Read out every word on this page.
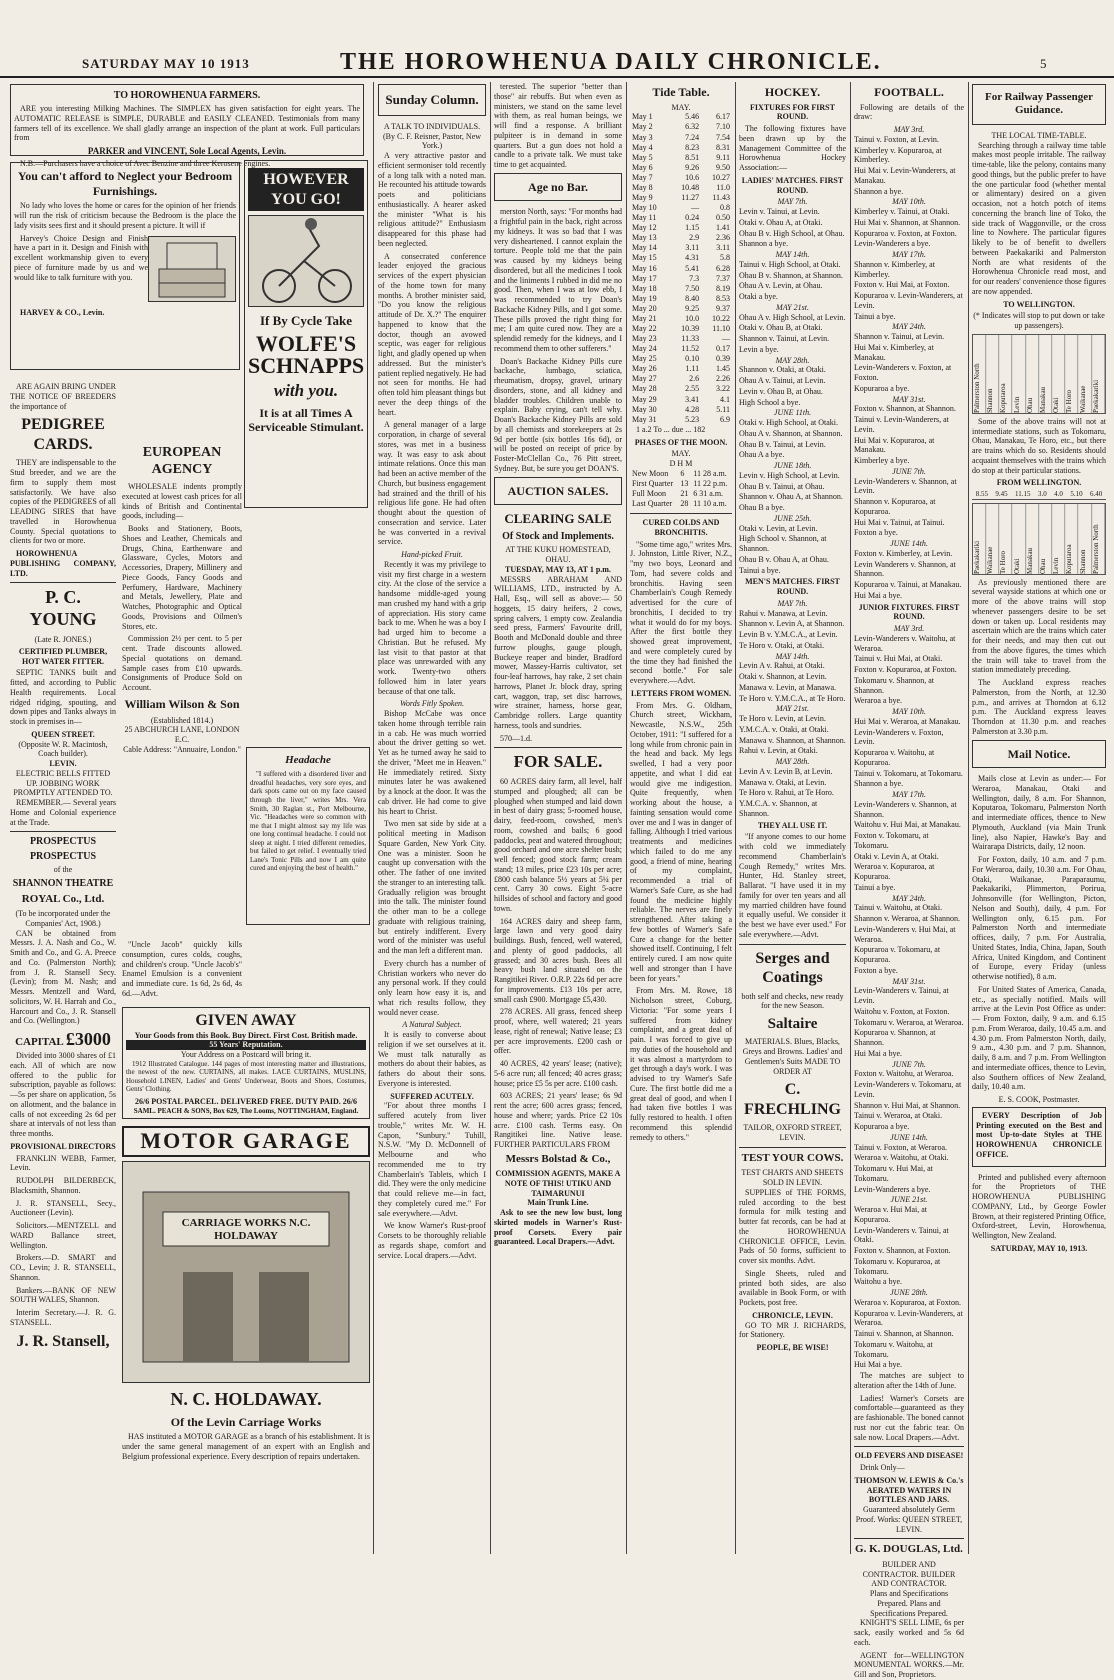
SATURDAY MAY 10 1913	THE HOROWHENUA DAILY CHRONICLE.	5
TO HOROWHENUA FARMERS.
ARE you interesting Milking Machines. The SIMPLEX has given satisfaction for eight years. The AUTOMATIC RELEASE is SIMPLE, DURABLE and EASILY CLEANED. Testimonials from many farmers tell of its excellence. We shall gladly arrange an inspection of the plant at work. Full particulars from
PARKER and VINCENT, Sole Local Agents, Levin.
N.B.—Purchasers have a choice of Avec Benzine and three Kerosene engines.
You can't afford to Neglect your Bedroom Furnishings.
No lady who loves the home or cares for the opinion of her friends will run the risk of criticism because the Bedroom is the place the lady visits sees first and it should present a picture. It will if
Harvey's Choice Design and Finish have a part in it. Design and Finish with excellent workmanship given to every piece of furniture made by us and we would like to talk furniture with you.
HARVEY & CO., Levin.
ARE AGAIN BRING UNDER THE NOTICE OF BREEDERS the importance of
PEDIGREE CARDS.
THEY are indispensable to the Stud breeder, and we are the firm to supply them most satisfactorily. We have also copies of the PEDIGREES of all LEADING SIRES that have travelled in Horowhenua County. Special quotations to clients for two or more.
HOROWHENUA PUBLISHING COMPANY, LTD.
P. C. YOUNG
(Late R. JONES.)
CERTIFIED PLUMBER, HOT WATER FITTER.
SEPTIC TANKS built and fitted, and according to Public Health requirements. Local ridged ridging, spouting, and down pipes and Tanks always in stock in premises in—
QUEEN STREET.
(Opposite W. R. Macintosh, Coach builder).
LEVIN.
ELECTRIC BELLS FITTED UP. JOBBING WORK PROMPTLY ATTENDED TO.
REMEMBER.— Several years Home and Colonial experience at the Trade.
PROSPECTUS
PROSPECTUS
of the
SHANNON THEATRE
ROYAL Co., Ltd.
(To be incorporated under the Companies' Act, 1908.)
CAN be obtained from Messrs. J. A. Nash and Co., W. Smith and Co., and G. A. Preece and Co. (Palmerston North); from J. R. Stansell Secy. (Levin); from M. Nash; and Messrs. Mentzell and Ward, solicitors, W. H. Harrah and Co., Harcourt and Co., J. R. Stansell and Co. (Wellington.)
CAPITAL £3000
Divided into 3000 shares of £1 each. All of which are now offered to the public for subscription, payable as follows:—5s per share on application, 5s on allotment, and the balance in calls of not exceeding 2s 6d per share at intervals of not less than three months.
PROVISIONAL DIRECTORS
FRANKLIN WEBB, Farmer, Levin.
RUDOLPH BILDERBECK, Blacksmith, Shannon.
J. R. STANSELL, Secy., Auctioneer (Levin).
Solicitors.—MENTZELL and WARD Ballance street, Wellington.
Brokers.—D. SMART and CO., Levin; J. R. STANSELL, Shannon.
Bankers.—BANK OF NEW SOUTH WALES, Shannon.
Interim Secretary.—J. R. G. STANSELL.
J. R. Stansell,
HOWEVER YOU GO!
If By Cycle Take
WOLFE'S SCHNAPPS
with you.
It is at all Times A Serviceable Stimulant.
EUROPEAN AGENCY
WHOLESALE indents promptly executed at lowest cash prices for all kinds of British and Continental goods, including—
Books and Stationery, Boots, Shoes and Leather, Chemicals and Drugs, China, Earthenware and Glassware, Cycles, Motors and Accessories, Drapery, Millinery and Piece Goods, Fancy Goods and Perfumery, Hardware, Machinery and Metals, Jewellery, Plate and Watches, Photographic and Optical Goods, Provisions and Oilmen's Stores, etc.
Commission 2½ per cent. to 5 per cent. Trade discounts allowed. Special quotations on demand. Sample cases from £10 upwards. Consignments of Produce Sold on Account.
William Wilson & Son
(Established 1814.)
25 ABCHURCH LANE, LONDON E.C.
Cable Address: "Annuaire, London."
Headache
"I suffered with a disordered liver and dreadful headaches, very sore eyes, and dark spots came out on my face caused through the liver," writes Mrs. Vera Smith, 30 Raglan st., Port Melbourne, Vic. "Headaches were so common with me that I might almost say my life was one long continual headache. I could not sleep at night. I tried different remedies, but failed to get relief. I eventually tried Lane's Tonic Pills and now I am quite cured and enjoying the best of health."
"Uncle Jacob" quickly kills consumption, cures colds, coughs, and children's croup. "Uncle Jacob's" Enamel Emulsion is a convenient and immediate cure. 1s 6d, 2s 6d, 4s 6d.—Advt.
GIVEN AWAY
Your Goods from this Book. Buy Direct. First Cost. British made.
55 Years' Reputation.
Your Address on a Postcard will bring it.
1912 Illustrated Catalogue. 144 pages of most interesting matter and illustrations, the newest of the new. CURTAINS, all makes. LACE CURTAINS, MUSLINS, Household LINEN, Ladies' and Gents' Underwear, Boots and Shoes, Costumes, Gents' Clothing.
26/6 POSTAL PARCEL. DELIVERED FREE. DUTY PAID. 26/6
SAML. PEACH & SONS, Box 629, The Looms, NOTTINGHAM, England.
MOTOR GARAGE
CARRIAGE WORKS N.C. HOLDAWAY
N. C. HOLDAWAY.
Of the Levin Carriage Works
HAS instituted a MOTOR GARAGE as a branch of his establishment. It is under the same general management of an expert with an English and Belgium professional experience. Every description of repairs undertaken.
Sunday Column.
A TALK TO INDIVIDUALS.
(By C. F. Reisner, Pastor, New York.)
A very attractive pastor and efficient sermoniser told recently of a long talk with a noted man. He recounted his attitude towards poets and politicians enthusiastically. A hearer asked the minister "What is his religious attitude?" Enthusiasm disappeared for this phase had been neglected.
A consecrated conference leader enjoyed the gracious services of the expert physician of the home town for many months. A brother minister said, "Do you know the religious attitude of Dr. X.?" The enquirer happened to know that the doctor, though an avowed sceptic, was eager for religious light, and gladly opened up when addressed. But the minister's patient replied negatively. He had not seen for months. He had often told him pleasant things but never the deep things of the heart.
A general manager of a large corporation, in charge of several stores, was met in a business way. It was easy to ask about intimate relations. Once this man had been an active member of the Church, but business engagement had strained and the thrill of his religious life gone. He had often thought about the question of consecration and service. Later he was converted in a revival service.
Hand-picked Fruit.
Recently it was my privilege to visit my first charge in a western city. At the close of the service a handsome middle-aged young man crushed my hand with a grip of appreciation. His story came back to me. When he was a boy I had urged him to become a Christian. But he refused. My last visit to that pastor at that place was unrewarded with any work. Twenty-two others followed him in later years because of that one talk.
Words Fitly Spoken.
Bishop McCabe was once taken home through terrible rain in a cab. He was much worried about the driver getting so wet. Yet as he turned away he said to the driver, "Meet me in Heaven." He immediately retired. Sixty minutes later he was awakened by a knock at the door. It was the cab driver. He had come to give his heart to Christ.
Two men sat side by side at a political meeting in Madison Square Garden, New York City. One was a minister. Soon he caught up conversation with the other. The father of one invited the stranger to an interesting talk. Gradually religion was brought into the talk. The minister found the other man to be a college graduate with religious training, but entirely indifferent. Every word of the minister was useful and the man left a different man.
Every church has a number of Christian workers who never do any personal work. If they could only learn how easy it is, and what rich results follow, they would never cease.
A Natural Subject.
It is easily to converse about religion if we set ourselves at it. We must talk naturally as mothers do about their babies, as fathers do about their sons. Everyone is interested.
SUFFERED ACUTELY.
"For about three months I suffered acutely from liver trouble," writes Mr. W. H. Capon, "Sunbury." Tuhill, N.S.W. "My D. McDonnell of Melbourne and who recommended me to try Chamberlain's Tablets, which I did. They were the only medicine that could relieve me—in fact, they completely cured me." For sale everywhere.—Advt.
We know Warner's Rust-proof Corsets to be thoroughly reliable as regards shape, comfort and service. Local drapers.—Advt.
terested. The superior "better than those" air rebuffs. But when even as ministers, we stand on the same level with them, as real human beings, we will find a response. A brilliant pulpiteer is in demand in some quarters. But a gun does not hold a candle to a private talk. We must take time to get acquainted.
Age no Bar.
merston North, says: "For months had a frightful pain in the back, right across my kidneys. It was so bad that I was very disheartened. I cannot explain the torture. People told me that the pain was caused by my kidneys being disordered, but all the medicines I took and the liniments I rubbed in did me no good. Then, when I was at low ebb, I was recommended to try Doan's Backache Kidney Pills, and I got some. These pills proved the right thing for me; I am quite cured now. They are a splendid remedy for the kidneys, and I recommend them to other sufferers."
Doan's Backache Kidney Pills cure backache, lumbago, sciatica, rheumatism, dropsy, gravel, urinary disorders, stone, and all kidney and bladder troubles. Children unable to explain. Baby crying, can't tell why. Doan's Backache Kidney Pills are sold by all chemists and storekeepers at 2s 9d per bottle (six bottles 16s 6d), or will be posted on receipt of price by Foster-McClellan Co., 76 Pitt street, Sydney. But, be sure you get DOAN'S.
AUCTION SALES.
CLEARING SALE
Of Stock and Implements.
AT THE KUKU HOMESTEAD, OHAU.
TUESDAY, MAY 13, AT 1 p.m.
MESSRS ABRAHAM AND WILLIAMS, LTD., instructed by A. Hall, Esq., will sell as above:— 50 hoggets, 15 dairy heifers, 2 cows, spring calvers, 1 empty cow. Zealandia seed press, Farmers' Favourite drill, Booth and McDonald double and three furrow ploughs, gauge plough, Buckeye reaper and binder, Bradford mower, Massey-Harris cultivator, set four-leaf harrows, hay rake, 2 set chain harrows, Planet Jr. block dray, spring cart, waggon, trap, set disc harrows, wire strainer, harness, horse gear, Cambridge rollers. Large quantity harness, tools and sundries.
570—1.d.
FOR SALE.
60 ACRES dairy farm, all level, half stumped and ploughed; all can be ploughed when stumped and laid down in best of dairy grass; 5-roomed house, dairy, feed-room, cowshed, men's room, cowshed and bails; 6 good paddocks, peat and watered throughout; good orchard and one acre shelter bush; well fenced; good stock farm; cream stand; 13 miles, price £23 10s per acre; £800 cash balance 5½ years at 5¼ per cent. Carry 30 cows. Eight 5-acre hillsides of school and factory and good town.
164 ACRES dairy and sheep farm, large lawn and very good dairy buildings. Bush, fenced, well watered, and plenty of good paddocks, all grassed; and 30 acres bush. Bees all heavy bush land situated on the Rangitikei River. O.R.P. 22s 6d per acre for improvements. £13 10s per acre, small cash £900. Mortgage £5,430.
278 ACRES. All grass, fenced sheep proof, where, well watered; 21 years lease, right of renewal; Native lease; £3 per acre improvements. £200 cash or offer.
40 ACRES, 42 years' lease; (native); 5-6 acre run; all fenced; 40 acres grass; house; price £5 5s per acre. £100 cash.
603 ACRES; 21 years' lease; 6s 9d rent the acre; 600 acres grass; fenced, house and where; yards. Price £2 10s acre. £100 cash. Terms easy. On Rangitikei line. Native lease. FURTHER PARTICULARS FROM
Messrs Bolstad & Co.,
COMMISSION AGENTS, MAKE A NOTE OF THIS! UTIKU AND TAIMARUNUI
Main Trunk Line.
Ask to see the new low bust, long skirted models in Warner's Rust-proof Corsets. Every pair guaranteed. Local Drapers.—Advt.
Tide Table.
MAY.
May 1	5.46	6.17
May 2	6.32	7.10
May 3	7.24	7.54
May 4	8.23	8.31
May 5	8.51	9.11
May 6	9.26	9.50
May 7	10.6	10.27
May 8	10.48	11.0
May 9	11.27	11.43
May 10	—	0.8
May 11	0.24	0.50
May 12	1.15	1.41
May 13	2.9	2.36
May 14	3.11	3.11
May 15	4.31	5.8
May 16	5.41	6.28
May 17	7.3	7.37
May 18	7.50	8.19
May 19	8.40	8.53
May 20	9.25	9.37
May 21	10.0	10.22
May 22	10.39	11.10
May 23	11.33	—
May 24	11.52	0.17
May 25	0.10	0.39
May 26	1.11	1.45
May 27	2.6	2.26
May 28	2.55	3.22
May 29	3.41	4.1
May 30	4.28	5.11
May 31	5.23	6.9
1 a.2 To ... due ... 182
PHASES OF THE MOON.
MAY.
D H M
New Moon	6	11 28 a.m.
First Quarter	13	11 22 p.m.
Full Moon	21	6 31 a.m.
Last Quarter	28	11 10 a.m.
CURED COLDS AND BRONCHITIS.
"Some time ago," writes Mrs. J. Johnston, Little River, N.Z., "my two boys, Leonard and Tom, had severe colds and bronchitis. Having seen Chamberlain's Cough Remedy advertised for the cure of bronchitis, I decided to try what it would do for my boys. After the first bottle they showed great improvement, and were completely cured by the time they had finished the second bottle." For sale everywhere.—Advt.
LETTERS FROM WOMEN.
From Mrs. G. Oldham, Church street, Wickham, Newcastle, N.S.W., 25th October, 1911: "I suffered for a long while from chronic pain in the head and back. My legs swelled, I had a very poor appetite, and what I did eat would give me indigestion. Quite frequently, when working about the house, a fainting sensation would come over me and I was in danger of falling. Although I tried various treatments and medicines which failed to do me any good, a friend of mine, hearing of my complaint, recommended a trial of Warner's Safe Cure, as she had found the medicine highly reliable. The nerves are finely strengthened. After taking a few bottles of Warner's Safe Cure a change for the better showed itself. Continuing, I felt entirely cured. I am now quite well and stronger than I have been for years."
From Mrs. M. Rowe, 18 Nicholson street, Coburg, Victoria: "For some years I suffered from kidney complaint, and a great deal of pain. I was forced to give up my duties of the household and it was almost a martyrdom to get through a day's work. I was advised to try Warner's Safe Cure. The first bottle did me a great deal of good, and when I had taken five bottles I was fully restored to health. I often recommend this splendid remedy to others."
HOCKEY.
FIXTURES FOR FIRST ROUND.
The following fixtures have been drawn up by the Management Committee of the Horowhenua Hockey Association:—
LADIES' MATCHES. FIRST ROUND.
MAY 7th.
Levin v. Tainui, at Levin.
Otaki v. Ohau A, at Otaki.
Ohau B v. High School, at Ohau.
Shannon a bye.
MAY 14th.
Tainui v. High School, at Otaki.
Ohau B v. Shannon, at Shannon.
Ohau A v. Levin, at Ohau.
Otaki a bye.
MAY 21st.
Ohau A v. High School, at Levin.
Otaki v. Ohau B, at Otaki.
Shannon v. Tainui, at Levin.
Levin a bye.
MAY 28th.
Shannon v. Otaki, at Otaki.
Ohau A v. Tainui, at Levin.
Levin v. Ohau B, at Ohau.
High School a bye.
JUNE 11th.
Otaki v. High School, at Otaki.
Ohau A v. Shannon, at Shannon.
Ohau B v. Tainui, at Levin.
Ohau A a bye.
JUNE 18th.
Levin v. High School, at Levin.
Ohau B v. Tainui, at Ohau.
Shannon v. Ohau A, at Shannon.
Ohau B a bye.
JUNE 25th.
Otaki v. Levin, at Levin.
High School v. Shannon, at Shannon.
Ohau B v. Ohau A, at Ohau.
Tainui a bye.
MEN'S MATCHES. FIRST ROUND.
MAY 7th.
Rahui v. Manawa, at Levin.
Shannon v. Levin A, at Shannon.
Levin B v. Y.M.C.A., at Levin.
Te Horo v. Otaki, at Otaki.
MAY 14th.
Levin A v. Rahui, at Otaki.
Otaki v. Shannon, at Levin.
Manawa v. Levin, at Manawa.
Te Horo v. Y.M.C.A., at Te Horo.
MAY 21st.
Te Horo v. Levin, at Levin.
Y.M.C.A. v. Otaki, at Otaki.
Manawa v. Shannon, at Shannon.
Rahui v. Levin, at Otaki.
MAY 28th.
Levin A v. Levin B, at Levin.
Manawa v. Otaki, at Levin.
Te Horo v. Rahui, at Te Horo.
Y.M.C.A. v. Shannon, at Shannon.
THEY ALL USE IT.
"If anyone comes to our home with cold we immediately recommend Chamberlain's Cough Remedy," writes Mrs. Hunter, Hd. Stanley street, Ballarat. "I have used it in my family for over ten years and all my married children have found it equally useful. We consider it the best we have ever used." For sale everywhere.—Advt.
Serges and Coatings
both self and checks, new ready for the new Season.
Saltaire
MATERIALS. Blues, Blacks, Greys and Browns. Ladies' and Gentlemen's Suits MADE TO ORDER AT
C. FRECHLING
TAILOR, OXFORD STREET, LEVIN.
TEST YOUR COWS.
TEST CHARTS AND SHEETS SOLD IN LEVIN.
SUPPLIES of THE FORMS, ruled according to the best formula for milk testing and butter fat records, can be had at the HOROWHENUA CHRONICLE OFFICE, Levin. Pads of 50 forms, sufficient to cover six months. Advt.
Single Sheets, ruled and printed both sides, are also available in Book Form, or with Pockets, post free.
CHRONICLE, LEVIN.
GO TO MR J. RICHARDS, for Stationery.
PEOPLE, BE WISE!
FOOTBALL.
Following are details of the draw:
MAY 3rd.
Tainui v. Foxton, at Levin.
Kimberley v. Kopuraroa, at Kimberley.
Hui Mai v. Levin-Wanderers, at Manakau.
Shannon a bye.
MAY 10th.
Kimberley v. Tainui, at Otaki.
Hui Mai v. Shannon, at Shannon.
Kopuraroa v. Foxton, at Foxton.
Levin-Wanderers a bye.
MAY 17th.
Shannon v. Kimberley, at Kimberley.
Foxton v. Hui Mai, at Foxton.
Kopuraroa v. Levin-Wanderers, at Levin.
Tainui a bye.
MAY 24th.
Shannon v. Tainui, at Levin.
Hui Mai v. Kimberley, at Manakau.
Levin-Wanderers v. Foxton, at Foxton.
Kopuraroa a bye.
MAY 31st.
Foxton v. Shannon, at Shannon.
Tainui v. Levin-Wanderers, at Levin.
Hui Mai v. Kopuraroa, at Manakau.
Kimberley a bye.
JUNE 7th.
Levin-Wanderers v. Shannon, at Levin.
Shannon v. Kopuraroa, at Kopuraroa.
Hui Mai v. Tainui, at Tainui.
Foxton a bye.
JUNE 14th.
Foxton v. Kimberley, at Levin.
Levin Wanderers v. Shannon, at Shannon.
Kopuraroa v. Tainui, at Manakau.
Hui Mai a bye.
JUNIOR FIXTURES. FIRST ROUND.
MAY 3rd.
Levin-Wanderers v. Waitohu, at Weraroa.
Tainui v. Hui Mai, at Otaki.
Foxton v. Kopuraroa, at Foxton.
Tokomaru v. Shannon, at Shannon.
Weraroa a bye.
MAY 10th.
Hui Mai v. Weraroa, at Manakau.
Levin-Wanderers v. Foxton, Levin.
Kopuraroa v. Waitohu, at Kopuraroa.
Tainui v. Tokomaru, at Tokomaru.
Shannon a bye.
MAY 17th.
Levin-Wanderers v. Shannon, at Shannon.
Waitohu v. Hui Mai, at Manakau.
Foxton v. Tokomaru, at Tokomaru.
Otaki v. Levin A, at Otaki.
Weraroa v. Kopuraroa, at Kopuraroa.
Tainui a bye.
MAY 24th.
Tainui v. Waitohu, at Otaki.
Shannon v. Weraroa, at Shannon.
Levin-Wanderers v. Hui Mai, at Weraroa.
Kopuraroa v. Tokomaru, at Kopuraroa.
Foxton a bye.
MAY 31st.
Levin-Wanderers v. Tainui, at Levin.
Waitohu v. Foxton, at Foxton.
Tokomaru v. Weraroa, at Weraroa.
Kopuraroa v. Shannon, at Shannon.
Hui Mai a bye.
JUNE 7th.
Foxton v. Waitohu, at Weraroa.
Levin-Wanderers v. Tokomaru, at Levin.
Shannon v. Hui Mai, at Shannon.
Tainui v. Weraroa, at Otaki.
Kopuraroa a bye.
JUNE 14th.
Tainui v. Foxton, at Weraroa.
Weraroa v. Waitohu, at Otaki.
Tokomaru v. Hui Mai, at Tokomaru.
Levin-Wanderers a bye.
JUNE 21st.
Weraroa v. Hui Mai, at Kopuraroa.
Levin-Wanderers v. Tainui, at Otaki.
Foxton v. Shannon, at Foxton.
Tokomaru v. Kopuraroa, at Tokomaru.
Waitohu a bye.
JUNE 28th.
Weraroa v. Kopuraroa, at Foxton.
Kopuraroa v. Levin-Wanderers, at Weraroa.
Tainui v. Shannon, at Shannon.
Tokomaru v. Waitohu, at Tokomaru.
Hui Mai a bye.
The matches are subject to alteration after the 14th of June.
Ladies! Warner's Corsets are comfortable—guaranteed as they are fashionable. The boned cannot rust nor cut the fabric tear. On sale now. Local Drapers.—Advt.
OLD FEVERS AND DISEASE!
Drink Only—
THOMSON W. LEWIS & Co.'s AERATED WATERS IN BOTTLES AND JARS.
Guaranteed absolutely Germ Proof. Works: QUEEN STREET, LEVIN.
G. K. DOUGLAS, Ltd.
BUILDER AND CONTRACTOR. BUILDER AND CONTRACTOR.
Plans and Specifications Prepared. Plans and Specifications Prepared.
KNIGHT'S SELL LIME, 6s per sack, easily worked and 5s 6d each.
AGENT for—WELLINGTON MONUMENTAL WORKS.—Mr. Gill and Son, Proprietors.
For Railway Passenger Guidance.
THE LOCAL TIME-TABLE.
Searching through a railway time table makes most people irritable. The railway time-table, like the pelony, contains many good things, but the public prefer to have the one particular food (whether mental or alimentary) desired on a given occasion, not a hotch potch of items concerning the branch line of Toko, the side track of Waggonville, or the cross line to Nowhere. The particular figures likely to be of benefit to dwellers between Paekakariki and Palmerston North are what residents of the Horowhenua Chronicle read most, and for our readers' convenience those figures are now appended.
TO WELLINGTON.
(* Indicates will stop to put down or take up passengers).
Palmerston North Shannon Koputaroa Levin Ohau Manakau Otaki Te Horo Waikanae Paekakariki
Some of the above trains will not at intermediate stations, such as Tokomaru, Ohau, Manakau, Te Horo, etc., but there are trains which do so. Residents should acquaint themselves with the trains which do stop at their particular stations.
FROM WELLINGTON.
8.55 9.45 11.15 3.0 4.0 5.10 6.40
Paekakariki Waikanae Te Horo Otaki Manakau Ohau Levin Koputaroa Shannon Palmerston North
As previously mentioned there are several wayside stations at which one or more of the above trains will stop whenever passengers desire to be set down or taken up. Local residents may ascertain which are the trains which cater for their needs, and may then cut out from the above figures, the times which the train will take to travel from the station immediately preceding.
The Auckland express reaches Palmerston, from the North, at 12.30 p.m., and arrives at Thorndon at 6.12 p.m. The Auckland express leaves Thorndon at 11.30 p.m. and reaches Palmerston at 3.30 p.m.
Mail Notice.
Mails close at Levin as under:— For Weraroa, Manakau, Otaki and Wellington, daily, 8 a.m. For Shannon, Koputaroa, Tokomaru, Palmerston North and intermediate offices, thence to New Plymouth, Auckland (via Main Trunk line), also Napier, Hawke's Bay and Wairarapa Districts, daily, 12 noon.
For Foxton, daily, 10 a.m. and 7 p.m. For Weraroa, daily, 10.30 a.m. For Ohau, Otaki, Waikanae, Paraparaumu, Paekakariki, Plimmerton, Porirua, Johnsonville (for Wellington, Picton, Nelson and South), daily, 4 p.m. For Wellington only, 6.15 p.m. For Palmerston North and intermediate offices, daily, 7 p.m. For Australia, United States, India, China, Japan, South Africa, United Kingdom, and Continent of Europe, every Friday (unless otherwise notified), 8 a.m.
For United States of America, Canada, etc., as specially notified. Mails will arrive at the Levin Post Office as under:— From Foxton, daily, 9 a.m. and 6.15 p.m. From Weraroa, daily, 10.45 a.m. and 4.30 p.m. From Palmerston North, daily, 9 a.m., 4.30 p.m. and 7 p.m. Shannon, daily, 8 a.m. and 7 p.m. From Wellington and intermediate offices, thence to Levin, also Southern offices of New Zealand, daily, 10.40 a.m.
E. S. COOK, Postmaster.
EVERY Description of Job Printing executed on the Best and most Up-to-date Styles at THE HOROWHENUA CHRONICLE OFFICE.
Printed and published every afternoon for the Proprietors of THE HOROWHENUA PUBLISHING COMPANY, Ltd., by George Fowler Brown, at their registered Printing Office, Oxford-street, Levin, Horowhenua, Wellington, New Zealand.
SATURDAY, MAY 10, 1913.
